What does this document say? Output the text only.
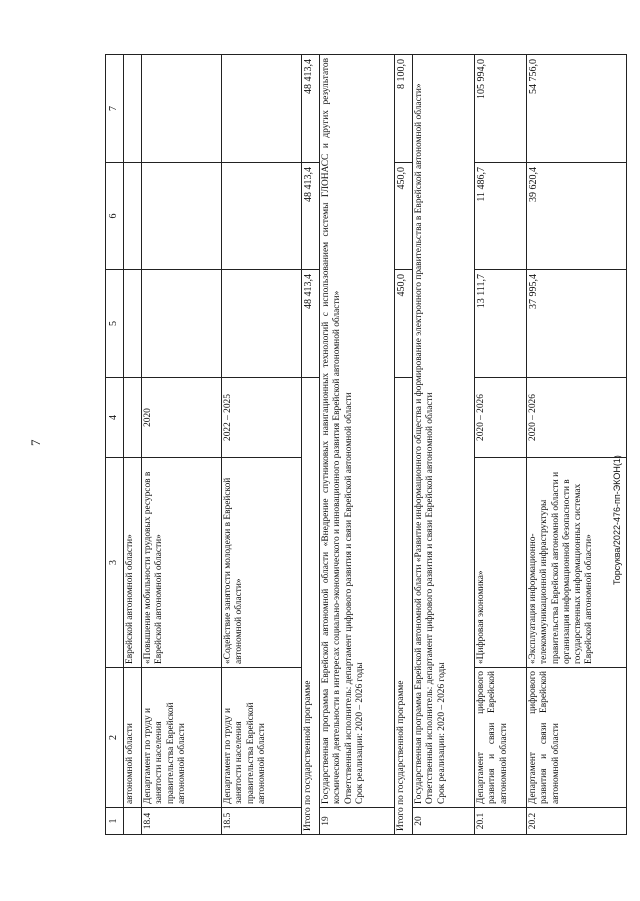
7
Торсуква/2022-476-пп-ЭКОН(1)
1	2	3	4	5	6	7
	автономной области	Еврейской автономной области»				
18.4	Департамент по труду и занятости населения правительства Еврейской автономной области	«Повышение мобильности трудовых ресурсов в Еврейской автономной области»	2020			
18.5	Департамент по труду и занятости населения правительства Еврейской автономной области	«Содействие занятости молодежи в Еврейской автономной области»	2022 – 2025			
Итого по государственной программе				48 413,4	48 413,4	48 413,4
19	Государственная программа Еврейской автономной области «Внедрение спутниковых навигационных технологий с использованием системы ГЛОНАСС и других результатов космической деятельности в интересах социально-экономического и инновационного развития Еврейской автономной области» Ответственный исполнитель: департамент цифрового развития и связи Еврейской автономной области Срок реализации: 2020 – 2026 годы					

Итого по государственной программе				450,0	450,0	8 100,0
20	Государственная программа Еврейской автономной области «Развитие информационного общества и формирование электронного правительства в Еврейской автономной области» Ответственный исполнитель: департамент цифрового развития и связи Еврейской автономной области Срок реализации: 2020 – 2026 годы					

20.1	Департамент цифрового развития и связи Еврейской автономной области	«Цифровая экономика»	2020 – 2026	13 111,7	11 486,7	105 994,0
20.2	Департамент цифрового развития и связи Еврейской автономной области	«Эксплуатация информационно-телекоммуникационной инфраструктуры правительства Еврейской автономной области и организация информационной безопасности в государственных информационных системах Еврейской автономной области»	2020 – 2026	37 995,4	39 620,4	54 756,0
